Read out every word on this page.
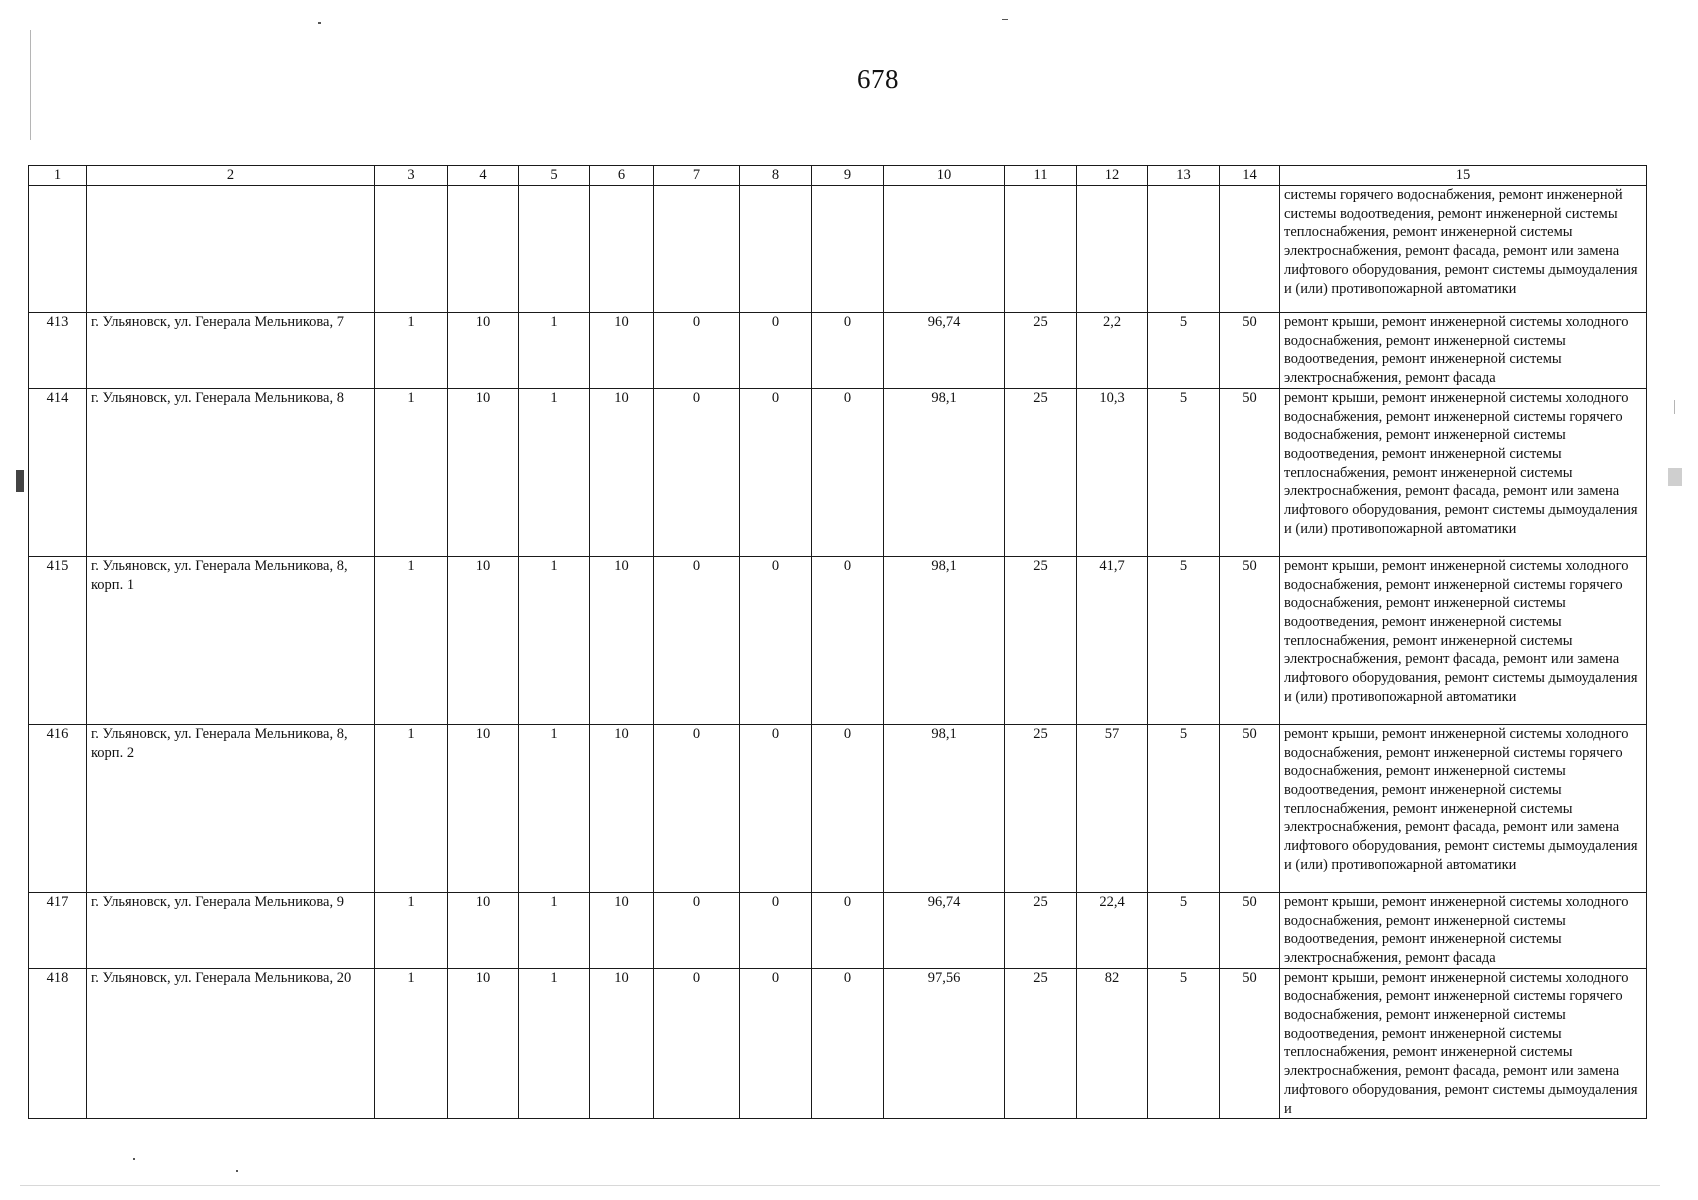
678
1	2	3	4	5	6	7	8	9	10	11	12	13	14	15
														системы горячего водоснабжения, ремонт инженерной системы водоотведения, ремонт инженерной системы теплоснабжения, ремонт инженерной системы электроснабжения, ремонт фасада, ремонт или замена лифтового оборудования, ремонт системы дымоудаления и (или) противопожарной автоматики
413	г. Ульяновск, ул. Генерала Мельникова, 7	1	10	1	10	0	0	0	96,74	25	2,2	5	50	ремонт крыши, ремонт инженерной системы холодного водоснабжения, ремонт инженерной системы водоотведения, ремонт инженерной системы электроснабжения, ремонт фасада
414	г. Ульяновск, ул. Генерала Мельникова, 8	1	10	1	10	0	0	0	98,1	25	10,3	5	50	ремонт крыши, ремонт инженерной системы холодного водоснабжения, ремонт инженерной системы горячего водоснабжения, ремонт инженерной системы водоотведения, ремонт инженерной системы теплоснабжения, ремонт инженерной системы электроснабжения, ремонт фасада, ремонт или замена лифтового оборудования, ремонт системы дымоудаления и (или) противопожарной автоматики
415	г. Ульяновск, ул. Генерала Мельникова, 8, корп. 1	1	10	1	10	0	0	0	98,1	25	41,7	5	50	ремонт крыши, ремонт инженерной системы холодного водоснабжения, ремонт инженерной системы горячего водоснабжения, ремонт инженерной системы водоотведения, ремонт инженерной системы теплоснабжения, ремонт инженерной системы электроснабжения, ремонт фасада, ремонт или замена лифтового оборудования, ремонт системы дымоудаления и (или) противопожарной автоматики
416	г. Ульяновск, ул. Генерала Мельникова, 8, корп. 2	1	10	1	10	0	0	0	98,1	25	57	5	50	ремонт крыши, ремонт инженерной системы холодного водоснабжения, ремонт инженерной системы горячего водоснабжения, ремонт инженерной системы водоотведения, ремонт инженерной системы теплоснабжения, ремонт инженерной системы электроснабжения, ремонт фасада, ремонт или замена лифтового оборудования, ремонт системы дымоудаления и (или) противопожарной автоматики
417	г. Ульяновск, ул. Генерала Мельникова, 9	1	10	1	10	0	0	0	96,74	25	22,4	5	50	ремонт крыши, ремонт инженерной системы холодного водоснабжения, ремонт инженерной системы водоотведения, ремонт инженерной системы электроснабжения, ремонт фасада
418	г. Ульяновск, ул. Генерала Мельникова, 20	1	10	1	10	0	0	0	97,56	25	82	5	50	ремонт крыши, ремонт инженерной системы холодного водоснабжения, ремонт инженерной системы горячего водоснабжения, ремонт инженерной системы водоотведения, ремонт инженерной системы теплоснабжения, ремонт инженерной системы электроснабжения, ремонт фасада, ремонт или замена лифтового оборудования, ремонт системы дымоудаления и
